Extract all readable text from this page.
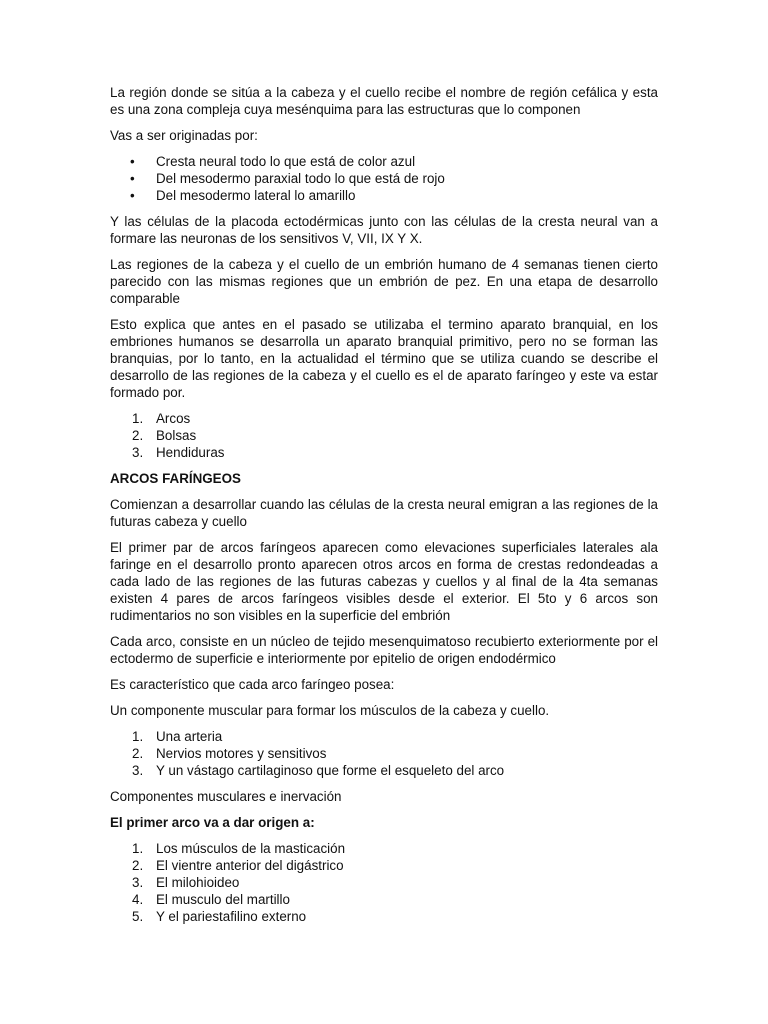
La región donde se sitúa a la cabeza y el cuello recibe el nombre de región cefálica y esta es una zona compleja cuya mesénquima para las estructuras que lo componen

Vas a ser originadas por:

• Cresta neural todo lo que está de color azul
• Del mesodermo paraxial todo lo que está de rojo
• Del mesodermo lateral lo amarillo

Y las células de la placoda ectodérmicas junto con las células de la cresta neural van a formare las neuronas de los sensitivos V, VII, IX Y X.

Las regiones de la cabeza y el cuello de un embrión humano de 4 semanas tienen cierto parecido con las mismas regiones que un embrión de pez. En una etapa de desarrollo comparable

Esto explica que antes en el pasado se utilizaba el termino aparato branquial, en los embriones humanos se desarrolla un aparato branquial primitivo, pero no se forman las branquias, por lo tanto, en la actualidad el término que se utiliza cuando se describe el desarrollo de las regiones de la cabeza y el cuello es el de aparato faríngeo y este va estar formado por.

1. Arcos
2. Bolsas
3. Hendiduras
ARCOS FARÍNGEOS

Comienzan a desarrollar cuando las células de la cresta neural emigran a las regiones de la futuras cabeza y cuello

El primer par de arcos faríngeos aparecen como elevaciones superficiales laterales ala faringe en el desarrollo pronto aparecen otros arcos en forma de crestas redondeadas a cada lado de las regiones de las futuras cabezas y cuellos y al final de la 4ta semanas existen 4 pares de arcos faríngeos visibles desde el exterior. El 5to y 6 arcos son rudimentarios no son visibles en la superficie del embrión

Cada arco, consiste en un núcleo de tejido mesenquimatoso recubierto exteriormente por el ectodermo de superficie e interiormente por epitelio de origen endodérmico

Es característico que cada arco faríngeo posea:

Un componente muscular para formar los músculos de la cabeza y cuello.

1. Una arteria
2. Nervios motores y sensitivos
3. Y un vástago cartilaginoso que forme el esqueleto del arco

Componentes musculares e inervación

El primer arco va a dar origen a:
1. Los músculos de la masticación
2. El vientre anterior del digástrico
3. El milohioideo
4. El musculo del martillo
5. Y el pariestafilino externo
